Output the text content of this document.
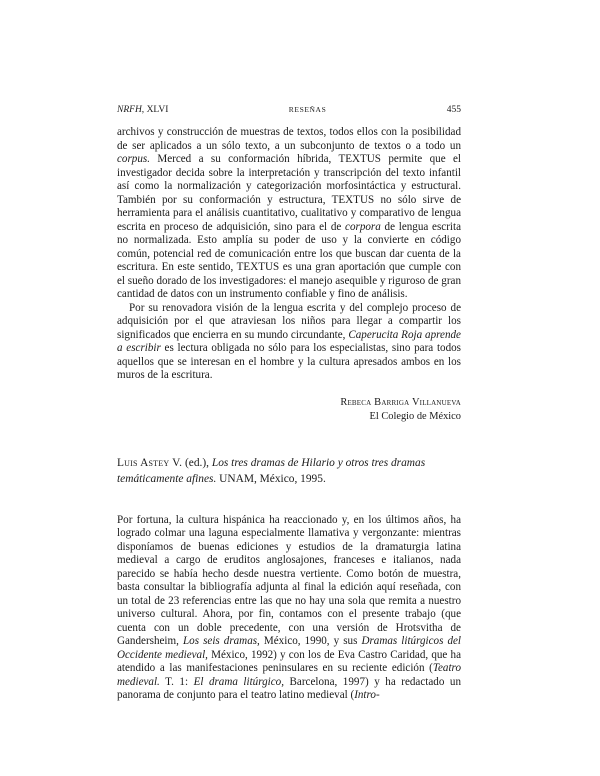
NRFH, XLVI	RESEÑAS	455

archivos y construcción de muestras de textos, todos ellos con la posibilidad de ser aplicados a un sólo texto, a un subconjunto de textos o a todo un corpus. Merced a su conformación híbrida, TEXTUS permite que el investigador decida sobre la interpretación y transcripción del texto infantil así como la normalización y categorización morfosintáctica y estructural. También por su conformación y estructura, TEXTUS no sólo sirve de herramienta para el análisis cuantitativo, cualitativo y comparativo de lengua escrita en proceso de adquisición, sino para el de corpora de lengua escrita no normalizada. Esto amplía su poder de uso y la convierte en código común, potencial red de comunicación entre los que buscan dar cuenta de la escritura. En este sentido, TEXTUS es una gran aportación que cumple con el sueño dorado de los investigadores: el manejo asequible y riguroso de gran cantidad de datos con un instrumento confiable y fino de análisis.

Por su renovadora visión de la lengua escrita y del complejo proceso de adquisición por el que atraviesan los niños para llegar a compartir los significados que encierra en su mundo circundante, Caperucita Roja aprende a escribir es lectura obligada no sólo para los especialistas, sino para todos aquellos que se interesan en el hombre y la cultura apresados ambos en los muros de la escritura.

Rebeca Barriga Villanueva
El Colegio de México
Luis Astey V. (ed.), Los tres dramas de Hilario y otros tres dramas temáticamente afines. UNAM, México, 1995.

Por fortuna, la cultura hispánica ha reaccionado y, en los últimos años, ha logrado colmar una laguna especialmente llamativa y vergonzante: mientras disponíamos de buenas ediciones y estudios de la dramaturgia latina medieval a cargo de eruditos anglosajones, franceses e italianos, nada parecido se había hecho desde nuestra vertiente. Como botón de muestra, basta consultar la bibliografía adjunta al final la edición aquí reseñada, con un total de 23 referencias entre las que no hay una sola que remita a nuestro universo cultural. Ahora, por fin, contamos con el presente trabajo (que cuenta con un doble precedente, con una versión de Hrotsvitha de Gandersheim, Los seis dramas, México, 1990, y sus Dramas litúrgicos del Occidente medieval, México, 1992) y con los de Eva Castro Caridad, que ha atendido a las manifestaciones peninsulares en su reciente edición (Teatro medieval. T. 1: El drama litúrgico, Barcelona, 1997) y ha redactado un panorama de conjunto para el teatro latino medieval (Intro-
